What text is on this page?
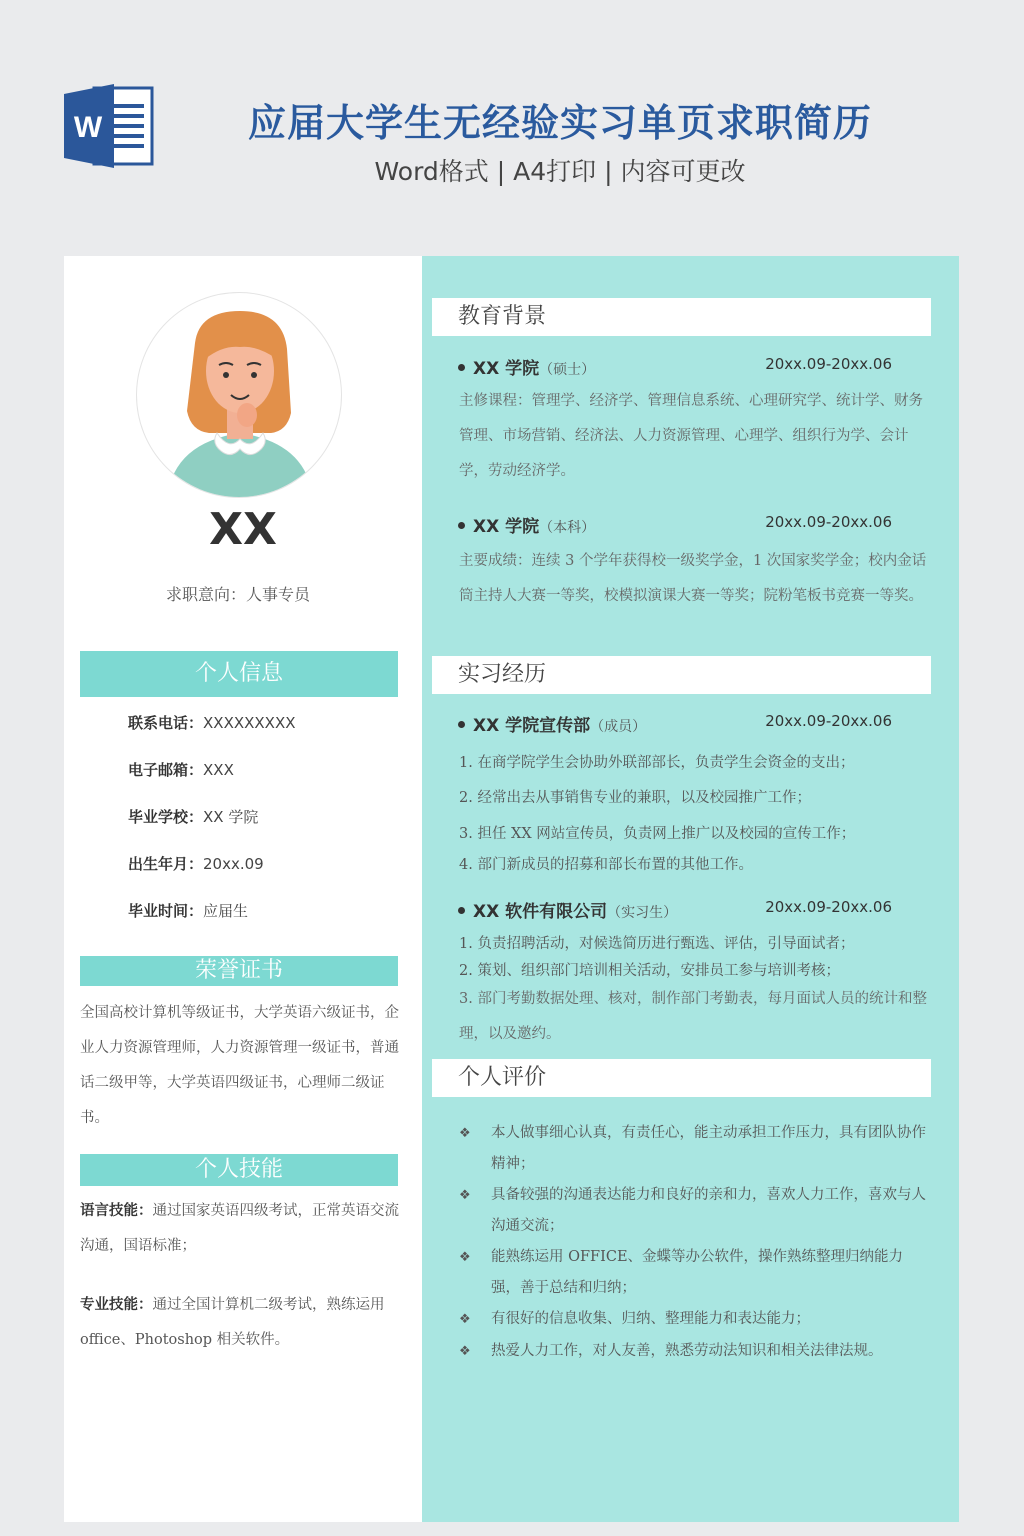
W	应届大学生无经验实习单页求职简历
Word格式 | A4打印 | 内容可更改
XX
求职意向：人事专员
个人信息
联系电话：XXXXXXXXX
电子邮箱：XXX
毕业学校：XX 学院
出生年月：20xx.09
毕业时间：应届生
荣誉证书
全国高校计算机等级证书，大学英语六级证书，企业人力资源管理师，人力资源管理一级证书，普通话二级甲等，大学英语四级证书，心理师二级证书。
个人技能
语言技能：通过国家英语四级考试，正常英语交流沟通，国语标准；
专业技能：通过全国计算机二级考试，熟练运用 office、Photoshop 相关软件。
教育背景
XX 学院（硕士）	20xx.09-20xx.06
主修课程：管理学、经济学、管理信息系统、心理研究学、统计学、财务管理、市场营销、经济法、人力资源管理、心理学、组织行为学、会计学，劳动经济学。
XX 学院（本科）	20xx.09-20xx.06
主要成绩：连续 3 个学年获得校一级奖学金，1 次国家奖学金；校内金话筒主持人大赛一等奖，校模拟演课大赛一等奖；院粉笔板书竞赛一等奖。
实习经历
XX 学院宣传部（成员）	20xx.09-20xx.06
1. 在商学院学生会协助外联部部长，负责学生会资金的支出；
2. 经常出去从事销售专业的兼职，以及校园推广工作；
3. 担任 XX 网站宣传员，负责网上推广以及校园的宣传工作；
4. 部门新成员的招募和部长布置的其他工作。
XX 软件有限公司（实习生）	20xx.09-20xx.06
1. 负责招聘活动，对候选简历进行甄选、评估，引导面试者；
2. 策划、组织部门培训相关活动，安排员工参与培训考核；
3. 部门考勤数据处理、核对，制作部门考勤表，每月面试人员的统计和整理，以及邀约。
个人评价
❖	本人做事细心认真，有责任心，能主动承担工作压力，具有团队协作精神；
❖	具备较强的沟通表达能力和良好的亲和力，喜欢人力工作，喜欢与人沟通交流；
❖	能熟练运用 OFFICE、金蝶等办公软件，操作熟练整理归纳能力强，善于总结和归纳；
❖	有很好的信息收集、归纳、整理能力和表达能力；
❖	热爱人力工作，对人友善，熟悉劳动法知识和相关法律法规。
